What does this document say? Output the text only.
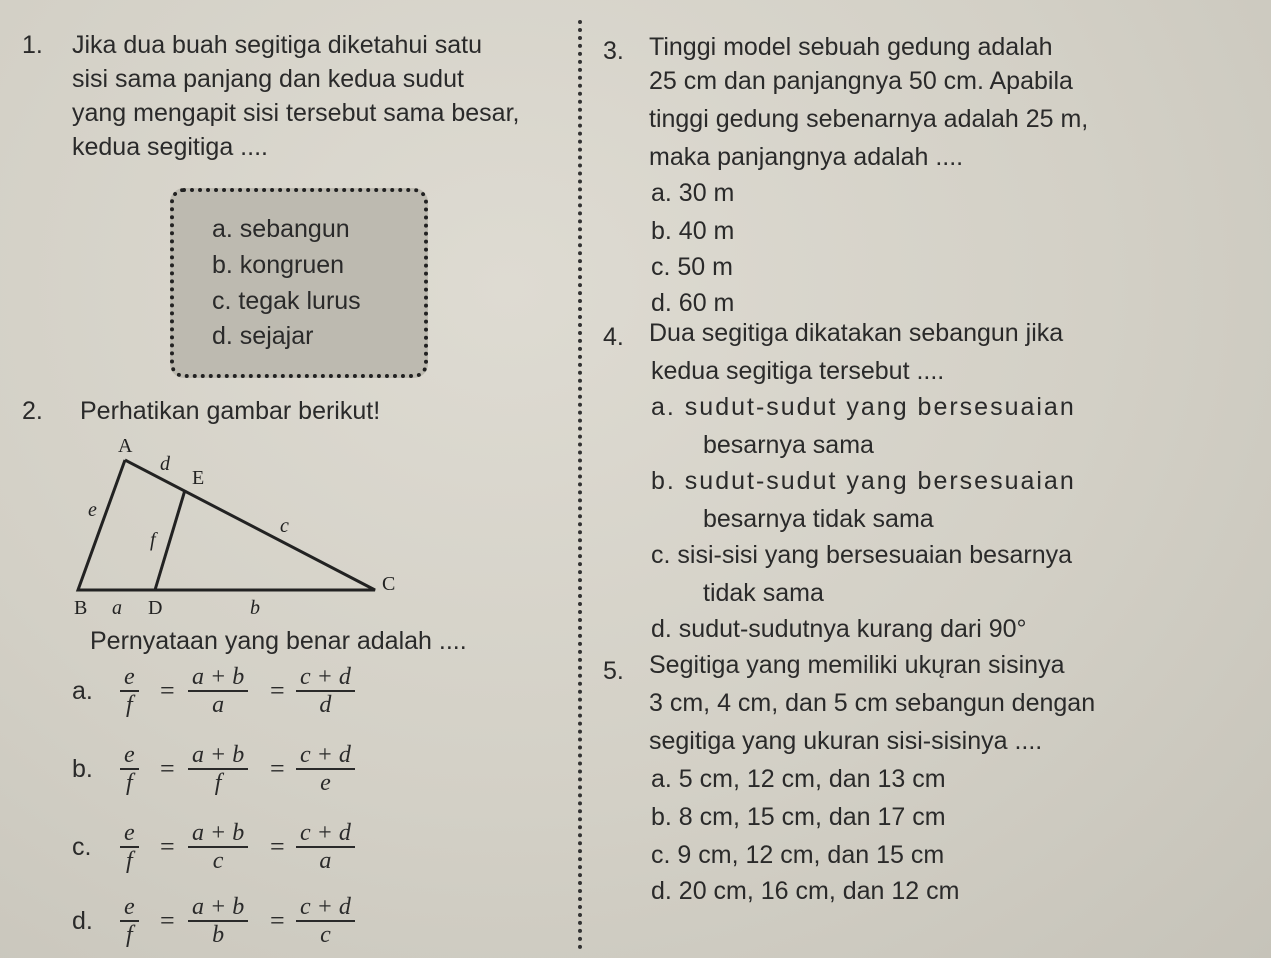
1. Jika dua buah segitiga diketahui satu
sisi sama panjang dan kedua sudut
yang mengapit sisi tersebut sama besar,
kedua segitiga ....
a. sebangun
b. kongruen
c. tegak lurus
d. sejajar
2. Perhatikan gambar berikut!
A
d
E
e
f
c
C
B a D	b
Pernyataan yang benar adalah ....
a. $\frac{e}{f} = \frac{a + b}{a} = \frac{c + d}{d}$
b. $\frac{e}{f} = \frac{a + b}{f} = \frac{c + d}{e}$
c. $\frac{e}{f} = \frac{a + b}{c} = \frac{c + d}{a}$
d. $\frac{e}{f} = \frac{a + b}{b} = \frac{c + d}{c}$
3. Tinggi model sebuah gedung adalah
25 cm dan panjangnya 50 cm. Apabila
tinggi gedung sebenarnya adalah 25 m,
maka panjangnya adalah ....
a. 30 m
b. 40 m
c. 50 m
d. 60 m
4. Dua segitiga dikatakan sebangun jika
kedua segitiga tersebut ....
a. sudut-sudut yang bersesuaian
besarnya sama
b. sudut-sudut yang bersesuaian
besarnya tidak sama
c. sisi-sisi yang bersesuaian besarnya
tidak sama
d. sudut-sudutnya kurang dari 90°
5. Segitiga yang memiliki ukųran sisinya
3 cm, 4 cm, dan 5 cm sebangun dengan
segitiga yang ukuran sisi-sisinya ....
a. 5 cm, 12 cm, dan 13 cm
b. 8 cm, 15 cm, dan 17 cm
c. 9 cm, 12 cm, dan 15 cm
d. 20 cm, 16 cm, dan 12 cm
